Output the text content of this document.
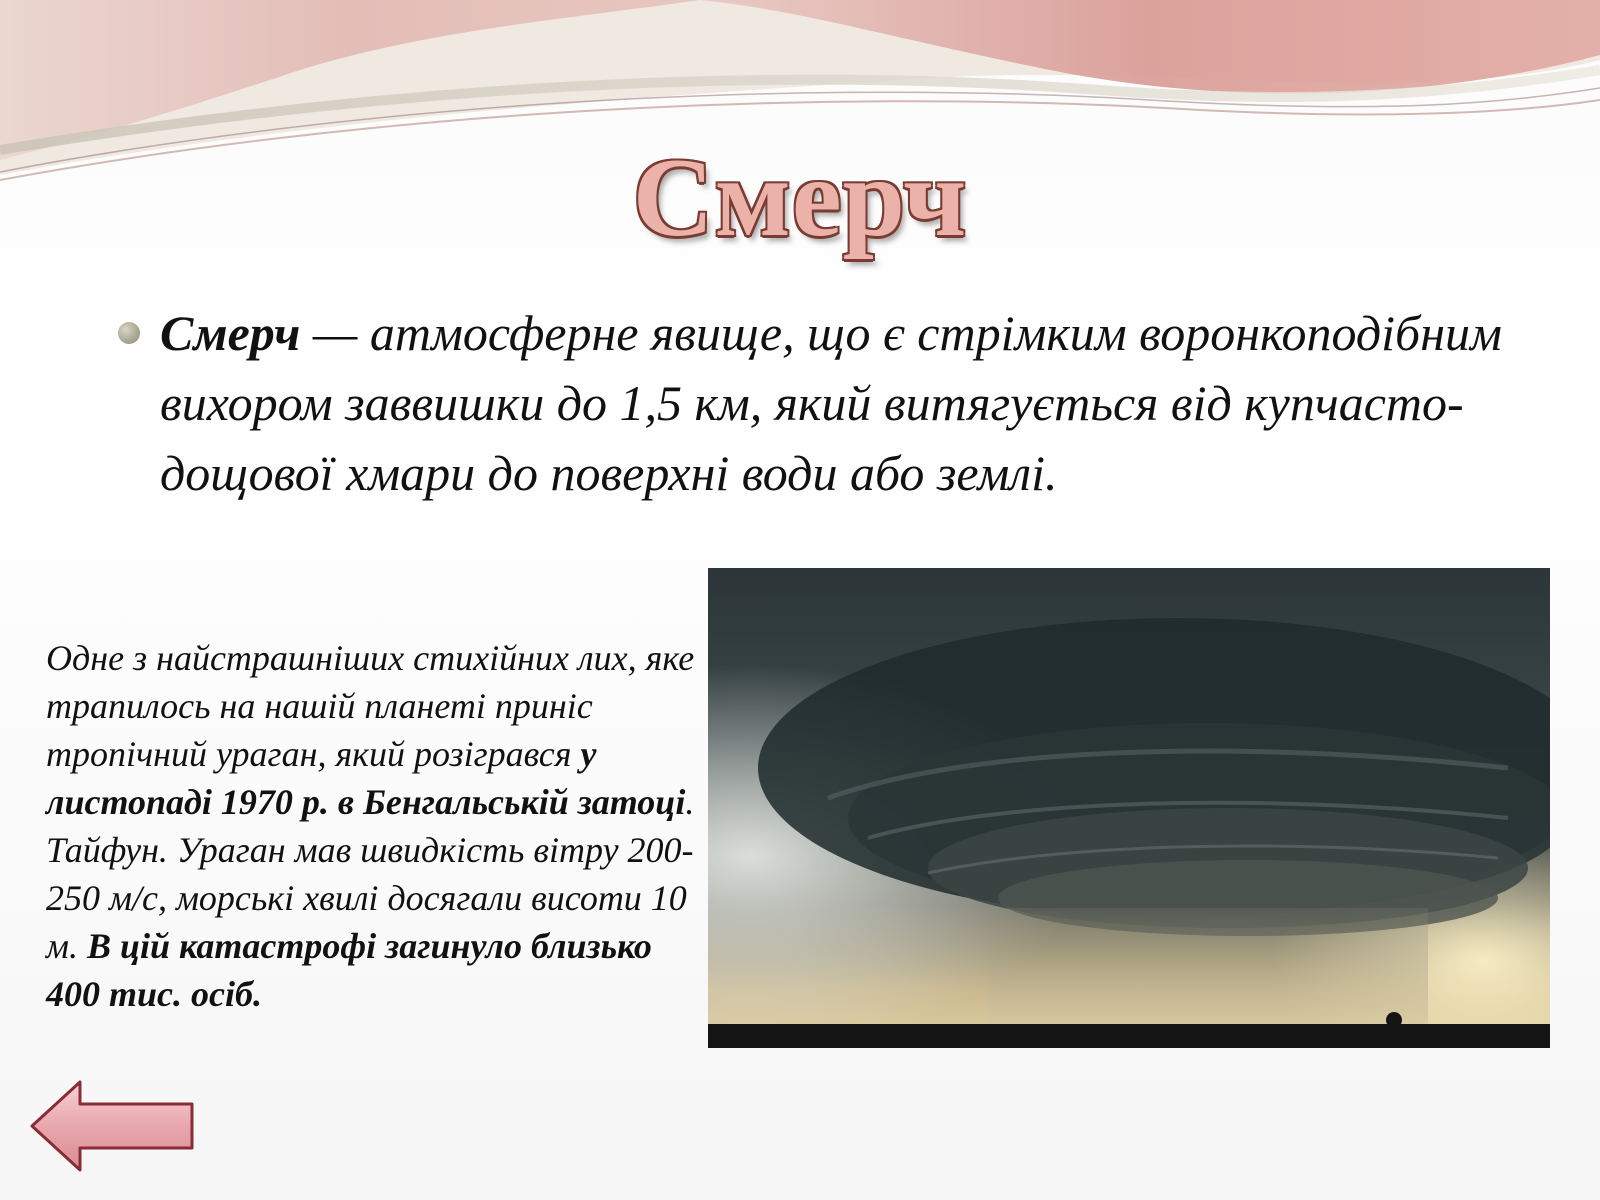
Смерч
Смерч — атмосферне явище, що є стрімким воронкоподібним вихором заввишки до 1,5 км, який витягується від купчасто-дощової хмари до поверхні води або землі.
Одне з найстрашніших стихійних лих, яке трапилось на нашій планеті приніс тропічний ураган, який розігрався у листопаді 1970 р. в Бенгальській затоці. Тайфун. Ураган мав швидкість вітру 200-250 м/с, морські хвилі досягали висоти 10 м. В цій катастрофі загинуло близько 400 тис. осіб.
